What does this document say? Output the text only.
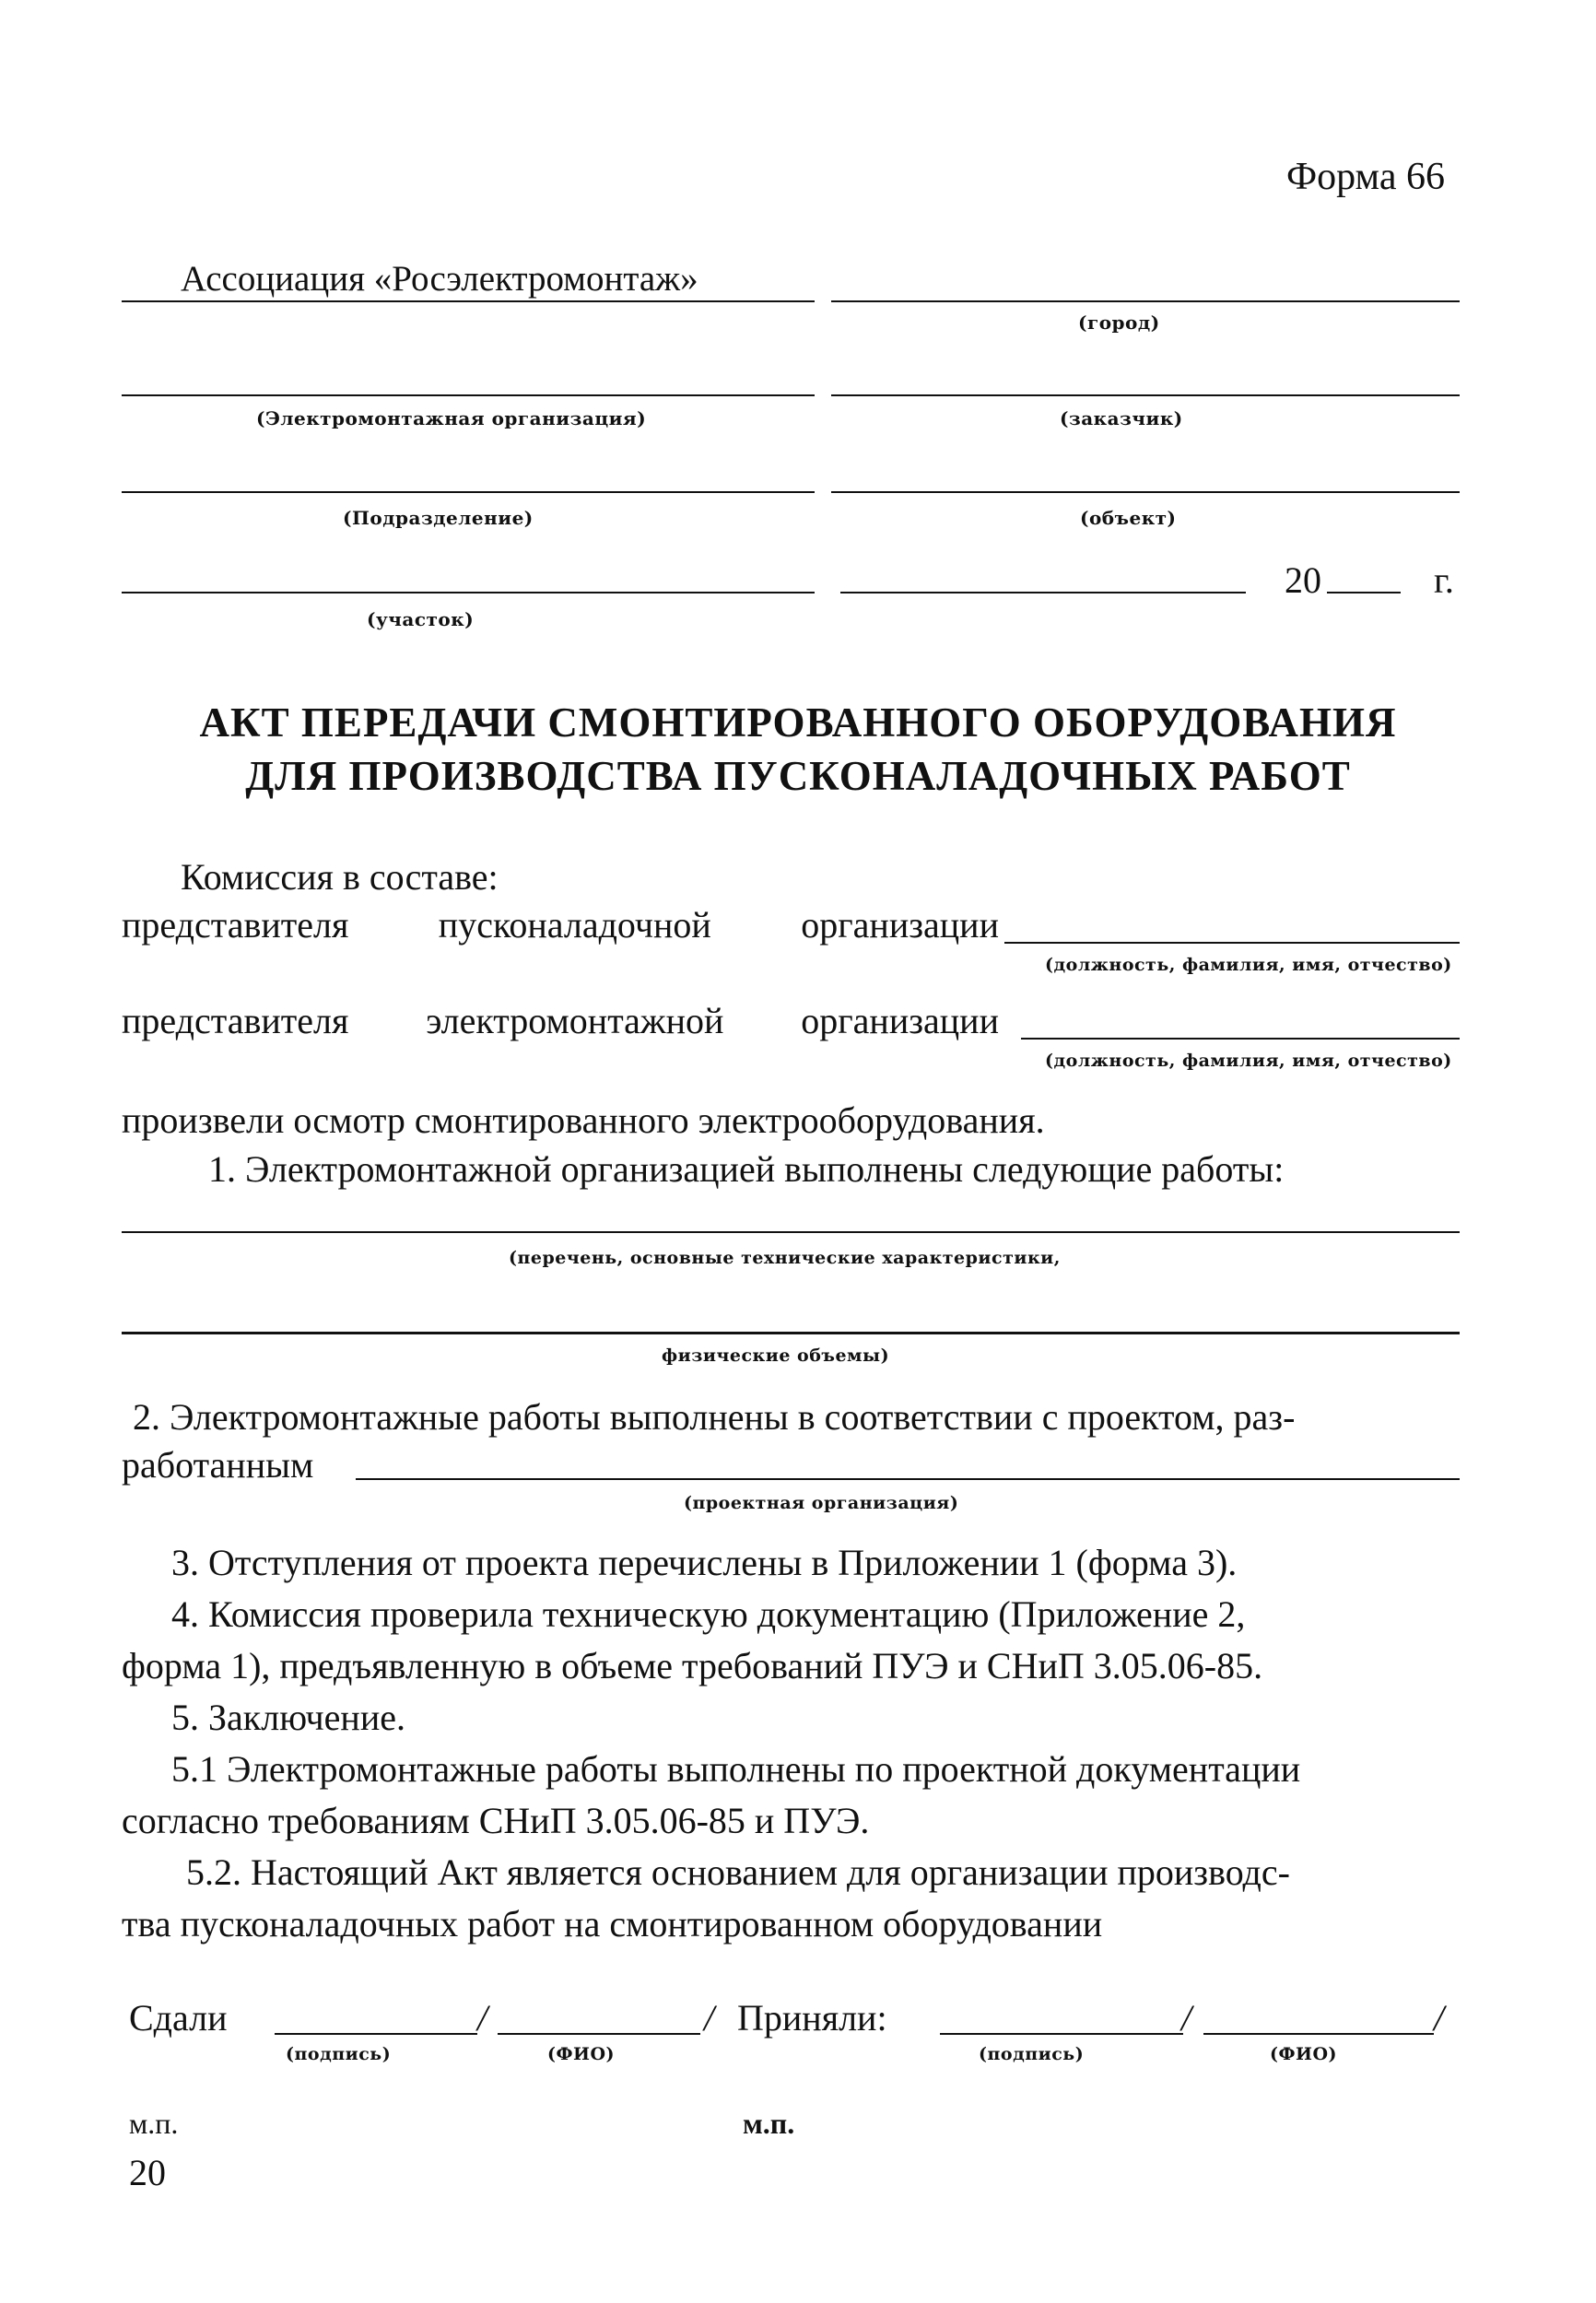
Форма 66
Ассоциация «Росэлектромонтаж»
(город)
(Электромонтажная организация)	(заказчик)
(Подразделение)	(объект)
20	г.
(участок)
АКТ ПЕРЕДАЧИ СМОНТИРОВАННОГО ОБОРУДОВАНИЯ
ДЛЯ ПРОИЗВОДСТВА ПУСКОНАЛАДОЧНЫХ РАБОТ
Комиссия в составе:
представителя пусконаладочной организации
(должность, фамилия, имя, отчество)
представителя электромонтажной организации
(должность, фамилия, имя, отчество)
произвели осмотр смонтированного электрооборудования.
1. Электромонтажной организацией выполнены следующие работы:
(перечень, основные технические характеристики,
физические объемы)
2. Электромонтажные работы выполнены в соответствии с проектом, раз-
работанным
(проектная организация)
3. Отступления от проекта перечислены в Приложении 1 (форма 3).
4. Комиссия проверила техническую документацию (Приложение 2,
форма 1), предъявленную в объеме требований ПУЭ и СНиП 3.05.06-85.
5. Заключение.
5.1 Электромонтажные работы выполнены по проектной документации
согласно требованиям СНиП 3.05.06-85 и ПУЭ.
5.2. Настоящий Акт является основанием для организации производс-
тва пусконаладочных работ на смонтированном оборудовании
Сдали	/	/ Приняли:	/	/
(подпись)	(ФИО)	(подпись)	(ФИО)
м.п.	м.п.
20
